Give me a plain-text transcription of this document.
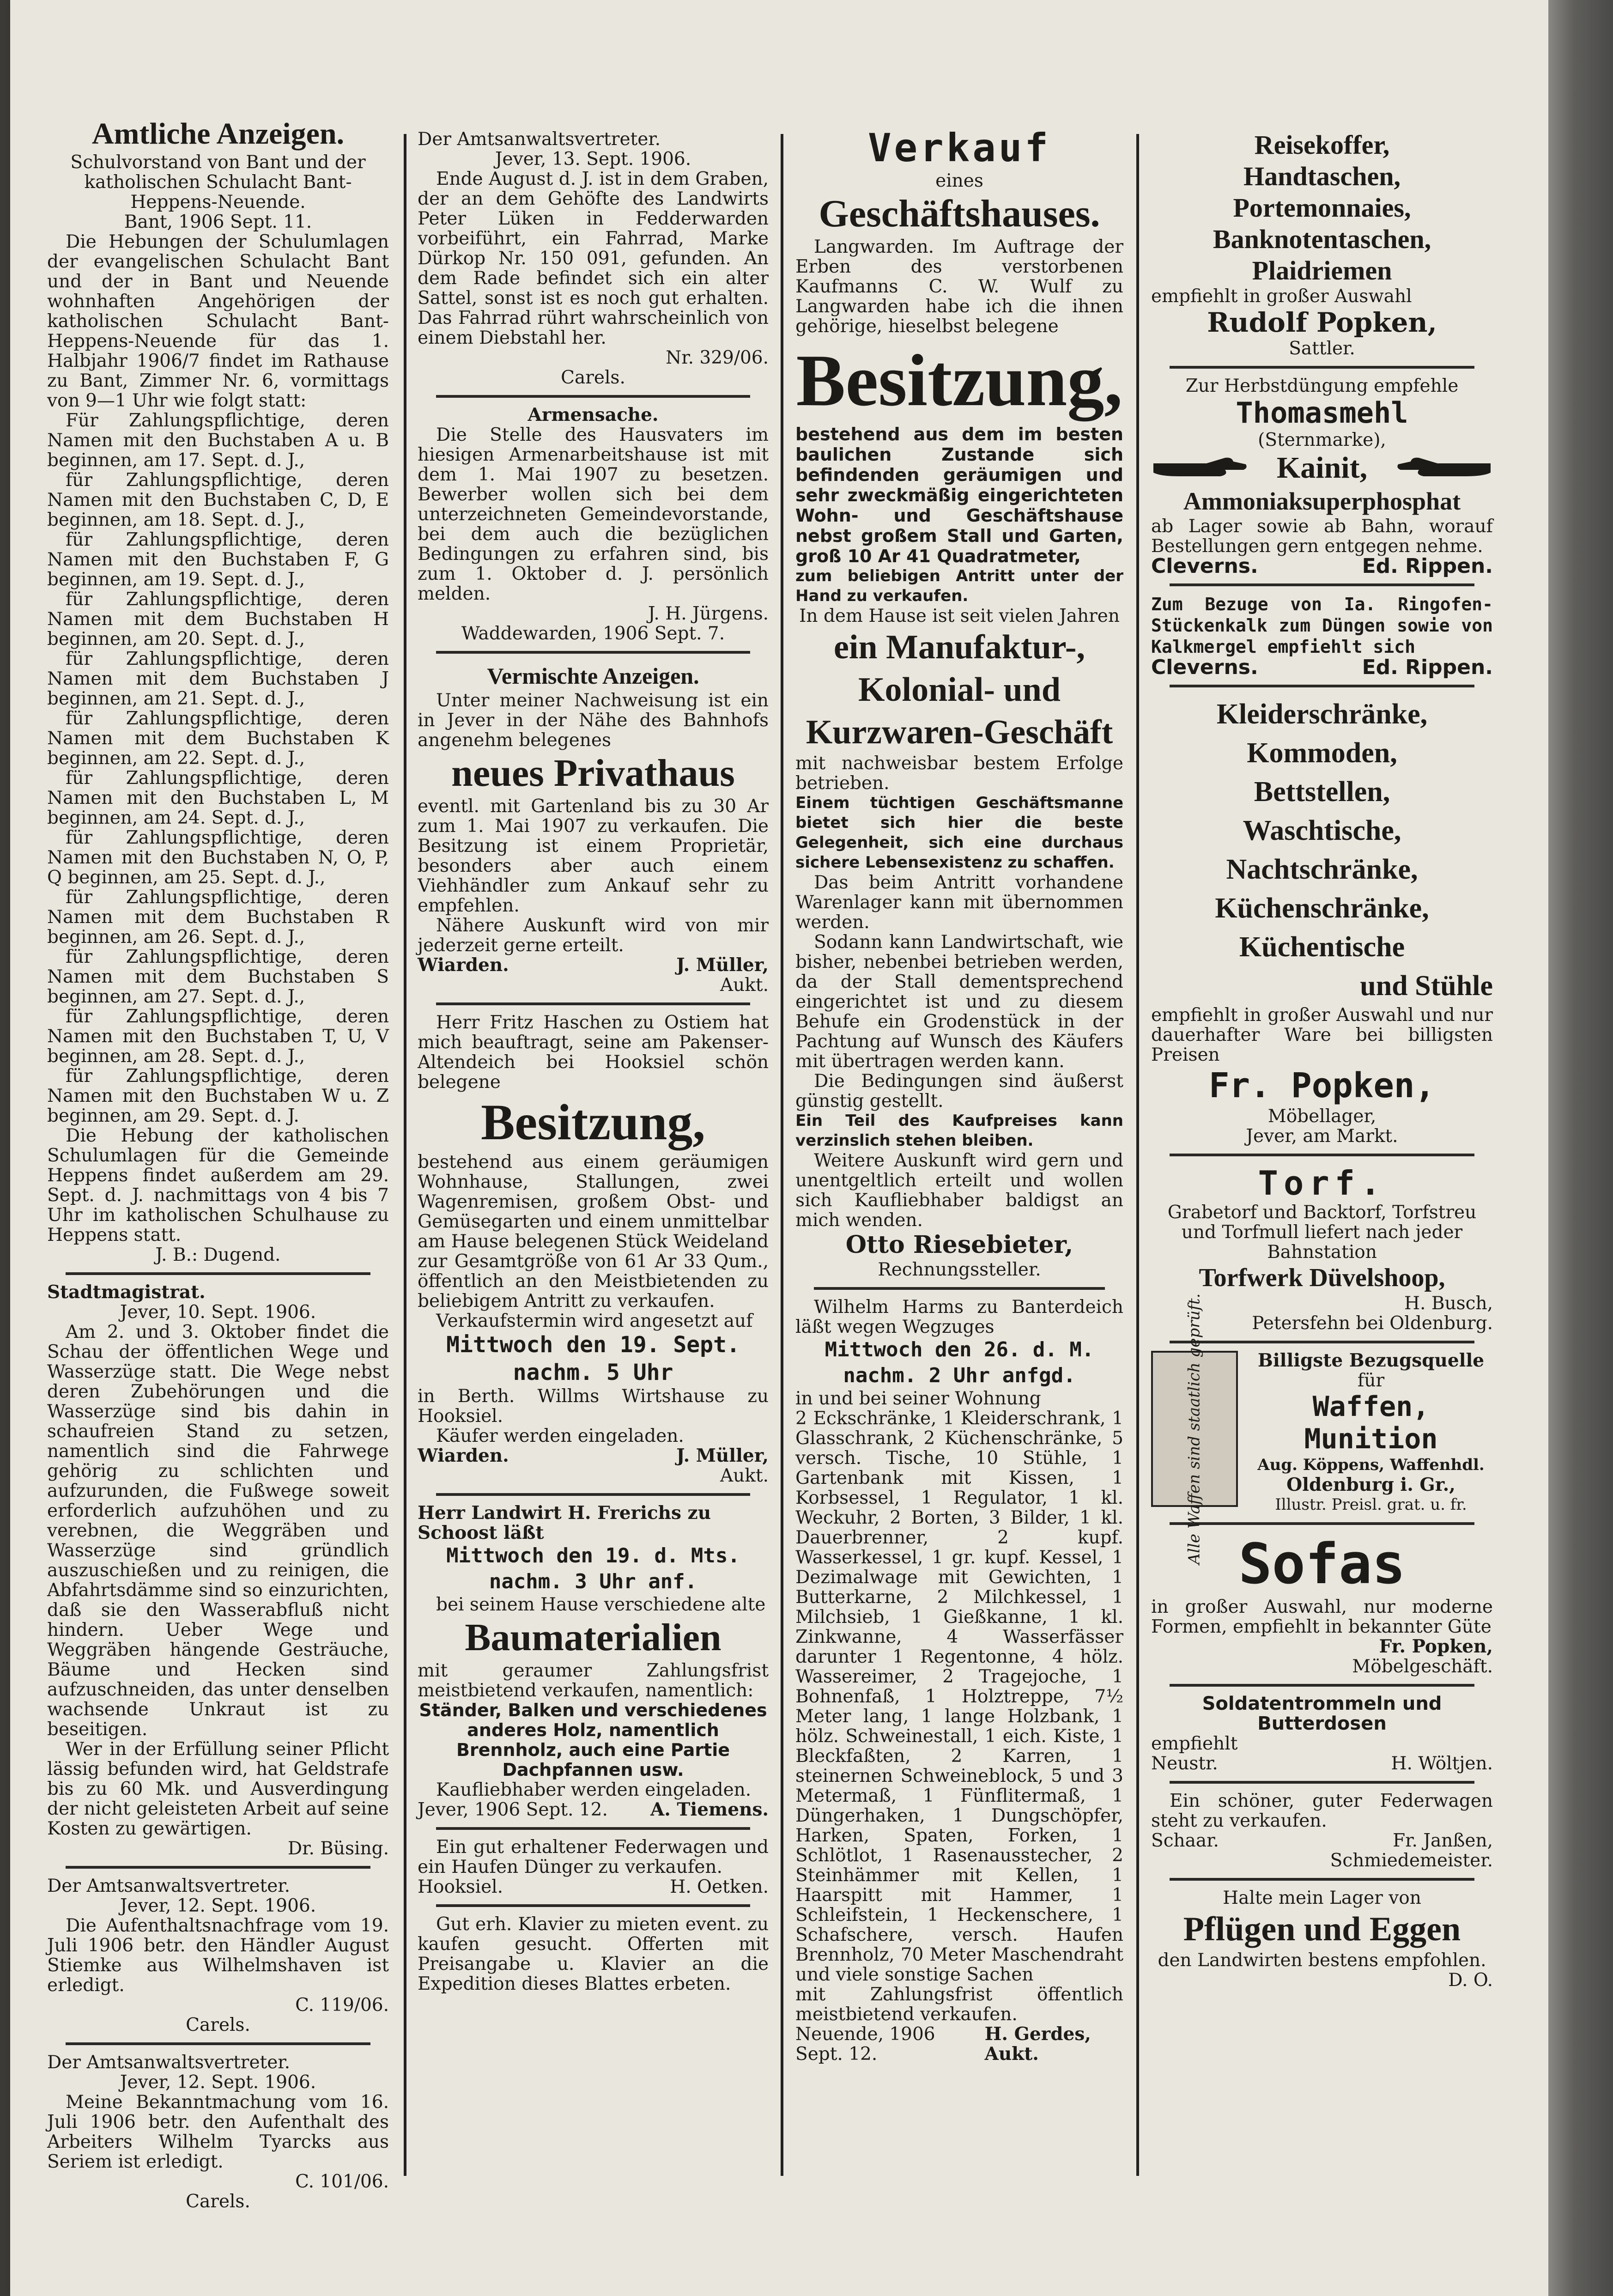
Amtliche Anzeigen.
Schulvorstand von Bant und der katholischen Schulacht Bant-Heppens-Neuende.
Bant, 1906 Sept. 11.
Die Hebungen der Schulumlagen der evangelischen Schulacht Bant und der in Bant und Neuende wohnhaften Angehörigen der katholischen Schulacht Bant-Heppens-Neuende für das 1. Halbjahr 1906/7 findet im Rathause zu Bant, Zimmer Nr. 6, vormittags von 9—1 Uhr wie folgt statt:
Für Zahlungspflichtige, deren Namen mit den Buchstaben A u. B beginnen, am 17. Sept. d. J.,
für Zahlungspflichtige, deren Namen mit den Buchstaben C, D, E beginnen, am 18. Sept. d. J.,
für Zahlungspflichtige, deren Namen mit den Buchstaben F, G beginnen, am 19. Sept. d. J.,
für Zahlungspflichtige, deren Namen mit dem Buchstaben H beginnen, am 20. Sept. d. J.,
für Zahlungspflichtige, deren Namen mit dem Buchstaben J beginnen, am 21. Sept. d. J.,
für Zahlungspflichtige, deren Namen mit dem Buchstaben K beginnen, am 22. Sept. d. J.,
für Zahlungspflichtige, deren Namen mit den Buchstaben L, M beginnen, am 24. Sept. d. J.,
für Zahlungspflichtige, deren Namen mit den Buchstaben N, O, P, Q beginnen, am 25. Sept. d. J.,
für Zahlungspflichtige, deren Namen mit dem Buchstaben R beginnen, am 26. Sept. d. J.,
für Zahlungspflichtige, deren Namen mit dem Buchstaben S beginnen, am 27. Sept. d. J.,
für Zahlungspflichtige, deren Namen mit den Buchstaben T, U, V beginnen, am 28. Sept. d. J.,
für Zahlungspflichtige, deren Namen mit den Buchstaben W u. Z beginnen, am 29. Sept. d. J.
Die Hebung der katholischen Schulumlagen für die Gemeinde Heppens findet außerdem am 29. Sept. d. J. nachmittags von 4 bis 7 Uhr im katholischen Schulhause zu Heppens statt.
J. B.: Dugend.
Stadtmagistrat.
Jever, 10. Sept. 1906.
Am 2. und 3. Oktober findet die Schau der öffentlichen Wege und Wasserzüge statt. Die Wege nebst deren Zubehörungen und die Wasserzüge sind bis dahin in schaufreien Stand zu setzen, namentlich sind die Fahrwege gehörig zu schlichten und aufzurunden, die Fußwege soweit erforderlich aufzuhöhen und zu verebnen, die Weggräben und Wasserzüge sind gründlich auszuschießen und zu reinigen, die Abfahrtsdämme sind so einzurichten, daß sie den Wasserabfluß nicht hindern. Ueber Wege und Weggräben hängende Gesträuche, Bäume und Hecken sind aufzuschneiden, das unter denselben wachsende Unkraut ist zu beseitigen.
Wer in der Erfüllung seiner Pflicht lässig befunden wird, hat Geldstrafe bis zu 60 Mk. und Ausverdingung der nicht geleisteten Arbeit auf seine Kosten zu gewärtigen.
Dr. Büsing.
Der Amtsanwaltsvertreter.
Jever, 12. Sept. 1906.
Die Aufenthaltsnachfrage vom 19. Juli 1906 betr. den Händler August Stiemke aus Wilhelmshaven ist erledigt.
C. 119/06.
Carels.
Der Amtsanwaltsvertreter.
Jever, 12. Sept. 1906.
Meine Bekanntmachung vom 16. Juli 1906 betr. den Aufenthalt des Arbeiters Wilhelm Tyarcks aus Seriem ist erledigt.
C. 101/06.
Carels.
Der Amtsanwaltsvertreter.
Jever, 13. Sept. 1906.
Ende August d. J. ist in dem Graben, der an dem Gehöfte des Landwirts Peter Lüken in Fedderwarden vorbeiführt, ein Fahrrad, Marke Dürkop Nr. 150 091, gefunden. An dem Rade befindet sich ein alter Sattel, sonst ist es noch gut erhalten. Das Fahrrad rührt wahrscheinlich von einem Diebstahl her.
Nr. 329/06.
Carels.
Armensache.
Die Stelle des Hausvaters im hiesigen Armenarbeitshause ist mit dem 1. Mai 1907 zu besetzen. Bewerber wollen sich bei dem unterzeichneten Gemeindevorstande, bei dem auch die bezüglichen Bedingungen zu erfahren sind, bis zum 1. Oktober d. J. persönlich melden.
J. H. Jürgens.
Waddewarden, 1906 Sept. 7.
Vermischte Anzeigen.
Unter meiner Nachweisung ist ein in Jever in der Nähe des Bahnhofs angenehm belegenes
neues Privathaus
eventl. mit Gartenland bis zu 30 Ar zum 1. Mai 1907 zu verkaufen. Die Besitzung ist einem Proprietär, besonders aber auch einem Viehhändler zum Ankauf sehr zu empfehlen.
Nähere Auskunft wird von mir jederzeit gerne erteilt.
Wiarden.	J. Müller,
Aukt.
Herr Fritz Haschen zu Ostiem hat mich beauftragt, seine am Pakenser-Altendeich bei Hooksiel schön belegene
Besitzung,
bestehend aus einem geräumigen Wohnhause, Stallungen, zwei Wagenremisen, großem Obst- und Gemüsegarten und einem unmittelbar am Hause belegenen Stück Weideland zur Gesamtgröße von 61 Ar 33 Qum., öffentlich an den Meistbietenden zu beliebigem Antritt zu verkaufen.
Verkaufstermin wird angesetzt auf
Mittwoch den 19. Sept.
nachm. 5 Uhr
in Berth. Willms Wirtshause zu Hooksiel.
Käufer werden eingeladen.
Wiarden.	J. Müller,
Aukt.
Herr Landwirt H. Frerichs zu Schoost läßt
Mittwoch den 19. d. Mts.
nachm. 3 Uhr anf.
bei seinem Hause verschiedene alte
Baumaterialien
mit geraumer Zahlungsfrist meistbietend verkaufen, namentlich:
Ständer, Balken und verschiedenes anderes Holz, namentlich Brennholz, auch eine Partie Dachpfannen usw.
Kaufliebhaber werden eingeladen.
Jever, 1906 Sept. 12. A. Tiemens.
Ein gut erhaltener Federwagen und ein Haufen Dünger zu verkaufen.
Hooksiel.	H. Oetken.
Gut erh. Klavier zu mieten event. zu kaufen gesucht. Offerten mit Preisangabe u. Klavier an die Expedition dieses Blattes erbeten.
Verkauf
eines
Geschäftshauses.
Langwarden. Im Auftrage der Erben des verstorbenen Kaufmanns C. W. Wulf zu Langwarden habe ich die ihnen gehörige, hieselbst belegene
Besitzung,
bestehend aus dem im besten baulichen Zustande sich befindenden geräumigen und sehr zweckmäßig eingerichteten Wohn- und Geschäftshause nebst großem Stall und Garten, groß 10 Ar 41 Quadratmeter,
zum beliebigen Antritt unter der Hand zu verkaufen.
In dem Hause ist seit vielen Jahren
ein Manufaktur-, Kolonial- und Kurzwaren-Geschäft
mit nachweisbar bestem Erfolge betrieben.
Einem tüchtigen Geschäftsmanne bietet sich hier die beste Gelegenheit, sich eine durchaus sichere Lebensexistenz zu schaffen.
Das beim Antritt vorhandene Warenlager kann mit übernommen werden.
Sodann kann Landwirtschaft, wie bisher, nebenbei betrieben werden, da der Stall dementsprechend eingerichtet ist und zu diesem Behufe ein Grodenstück in der Pachtung auf Wunsch des Käufers mit übertragen werden kann.
Die Bedingungen sind äußerst günstig gestellt.
Ein Teil des Kaufpreises kann verzinslich stehen bleiben.
Weitere Auskunft wird gern und unentgeltlich erteilt und wollen sich Kaufliebhaber baldigst an mich wenden.
Otto Riesebieter,
Rechnungssteller.
Wilhelm Harms zu Banterdeich läßt wegen Wegzuges
Mittwoch den 26. d. M.
nachm. 2 Uhr anfgd.
in und bei seiner Wohnung
2 Eckschränke, 1 Kleiderschrank, 1 Glasschrank, 2 Küchenschränke, 5 versch. Tische, 10 Stühle, 1 Gartenbank mit Kissen, 1 Korbsessel, 1 Regulator, 1 kl. Weckuhr, 2 Borten, 3 Bilder, 1 kl. Dauerbrenner, 2 kupf. Wasserkessel, 1 gr. kupf. Kessel, 1 Dezimalwage mit Gewichten, 1 Butterkarne, 2 Milchkessel, 1 Milchsieb, 1 Gießkanne, 1 kl. Zinkwanne, 4 Wasserfässer darunter 1 Regentonne, 4 hölz. Wassereimer, 2 Tragejoche, 1 Bohnenfaß, 1 Holztreppe, 7½ Meter lang, 1 lange Holzbank, 1 hölz. Schweinestall, 1 eich. Kiste, 1 Bleckfaßten, 2 Karren, 1 steinernen Schweineblock, 5 und 3 Metermaß, 1 Fünflitermaß, 1 Düngerhaken, 1 Dungschöpfer, Harken, Spaten, Forken, 1 Schlötlot, 1 Rasenausstecher, 2 Steinhämmer mit Kellen, 1 Haarspitt mit Hammer, 1 Schleifstein, 1 Heckenschere, 1 Schafschere, versch. Haufen Brennholz, 70 Meter Maschendraht und viele sonstige Sachen
mit Zahlungsfrist öffentlich meistbietend verkaufen.
Neuende, 1906 Sept. 12.
H. Gerdes, Aukt.
Reisekoffer,
Handtaschen,
Portemonnaies,
Banknotentaschen,
Plaidriemen
empfiehlt in großer Auswahl
Rudolf Popken,
Sattler.
Zur Herbstdüngung empfehle
Thomasmehl
(Sternmarke),
Kainit,
Ammoniaksuperphosphat
ab Lager sowie ab Bahn, worauf Bestellungen gern entgegen nehme.
Cleverns.	Ed. Rippen.
Zum Bezuge von Ia. Ringofen-Stückenkalk zum Düngen sowie von Kalkmergel empfiehlt sich
Cleverns.	Ed. Rippen.
Kleiderschränke,
Kommoden,
Bettstellen,
Waschtische,
Nachtschränke,
Küchenschränke,
Küchentische
und Stühle
empfiehlt in großer Auswahl und nur dauerhafter Ware bei billigsten Preisen
Fr. Popken,
Möbellager,
Jever, am Markt.
Torf.
Grabetorf und Backtorf, Torfstreu und Torfmull liefert nach jeder Bahnstation
Torfwerk Düvelshoop,
H. Busch,
Petersfehn bei Oldenburg.
Alle Waffen sind staatlich geprüft.	Billigste Bezugsquelle
für
Waffen,
Munition
Aug. Köppens, Waffenhdl.
Oldenburg i. Gr.,
Illustr. Preisl. grat. u. fr.
Sofas
in großer Auswahl, nur moderne Formen, empfiehlt in bekannter Güte
Fr. Popken,
Möbelgeschäft.
Soldatentrommeln und Butterdosen
empfiehlt
Neustr.	H. Wöltjen.
Ein schöner, guter Federwagen steht zu verkaufen.
Schaar.	Fr. Janßen,
Schmiedemeister.
Halte mein Lager von
Pflügen und Eggen
den Landwirten bestens empfohlen.
D. O.
